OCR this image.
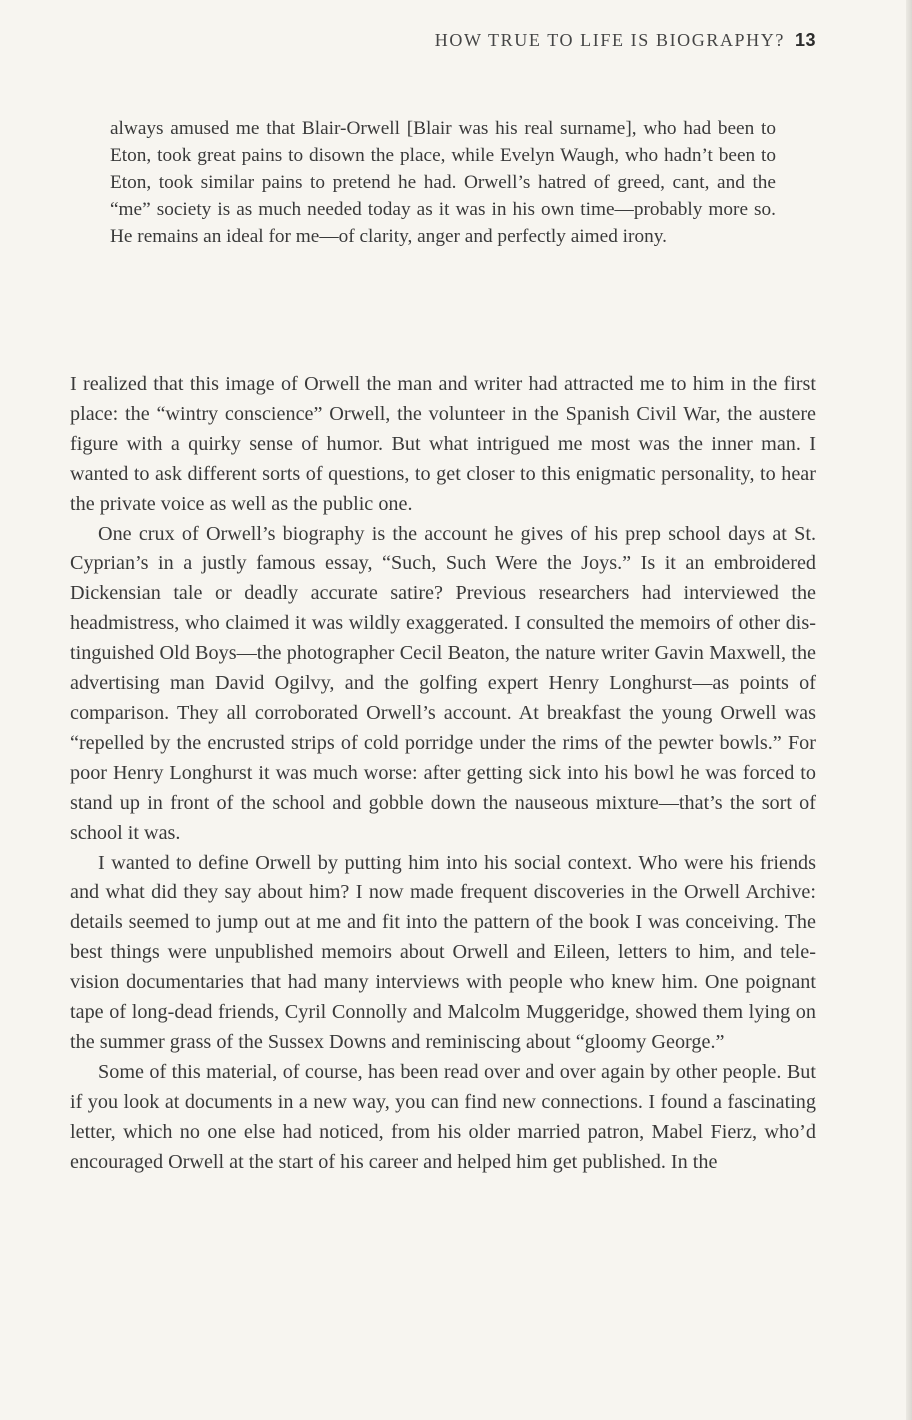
HOW TRUE TO LIFE IS BIOGRAPHY? 13

always amused me that Blair-Orwell [Blair was his real surname], who had been to Eton, took great pains to disown the place, while Evelyn Waugh, who hadn’t been to Eton, took similar pains to pretend he had. Orwell’s hatred of greed, cant, and the “me” society is as much needed today as it was in his own time—probably more so. He remains an ideal for me—of clarity, anger and perfectly aimed irony.

I realized that this image of Orwell the man and writer had attracted me to him in the first place: the “wintry conscience” Orwell, the volunteer in the Spanish Civil War, the austere figure with a quirky sense of humor. But what intrigued me most was the inner man. I wanted to ask different sorts of questions, to get closer to this enigmatic personality, to hear the private voice as well as the public one.

One crux of Orwell’s biography is the account he gives of his prep school days at St. Cyprian’s in a justly famous essay, “Such, Such Were the Joys.” Is it an embroidered Dickensian tale or deadly accurate satire? Previous researchers had interviewed the headmistress, who claimed it was wildly exaggerated. I consulted the memoirs of other distinguished Old Boys—the photographer Cecil Beaton, the nature writer Gavin Maxwell, the advertising man David Ogilvy, and the golfing expert Henry Longhurst—as points of comparison. They all corroborated Orwell’s account. At breakfast the young Orwell was “repelled by the encrusted strips of cold porridge under the rims of the pewter bowls.” For poor Henry Longhurst it was much worse: after getting sick into his bowl he was forced to stand up in front of the school and gobble down the nauseous mixture—that’s the sort of school it was.

I wanted to define Orwell by putting him into his social context. Who were his friends and what did they say about him? I now made frequent discoveries in the Orwell Archive: details seemed to jump out at me and fit into the pattern of the book I was conceiving. The best things were unpublished memoirs about Orwell and Eileen, letters to him, and television documentaries that had many interviews with people who knew him. One poignant tape of long-dead friends, Cyril Connolly and Malcolm Muggeridge, showed them lying on the summer grass of the Sussex Downs and reminiscing about “gloomy George.”

Some of this material, of course, has been read over and over again by other people. But if you look at documents in a new way, you can find new connections. I found a fascinating letter, which no one else had noticed, from his older married patron, Mabel Fierz, who’d encouraged Orwell at the start of his career and helped him get published. In the
